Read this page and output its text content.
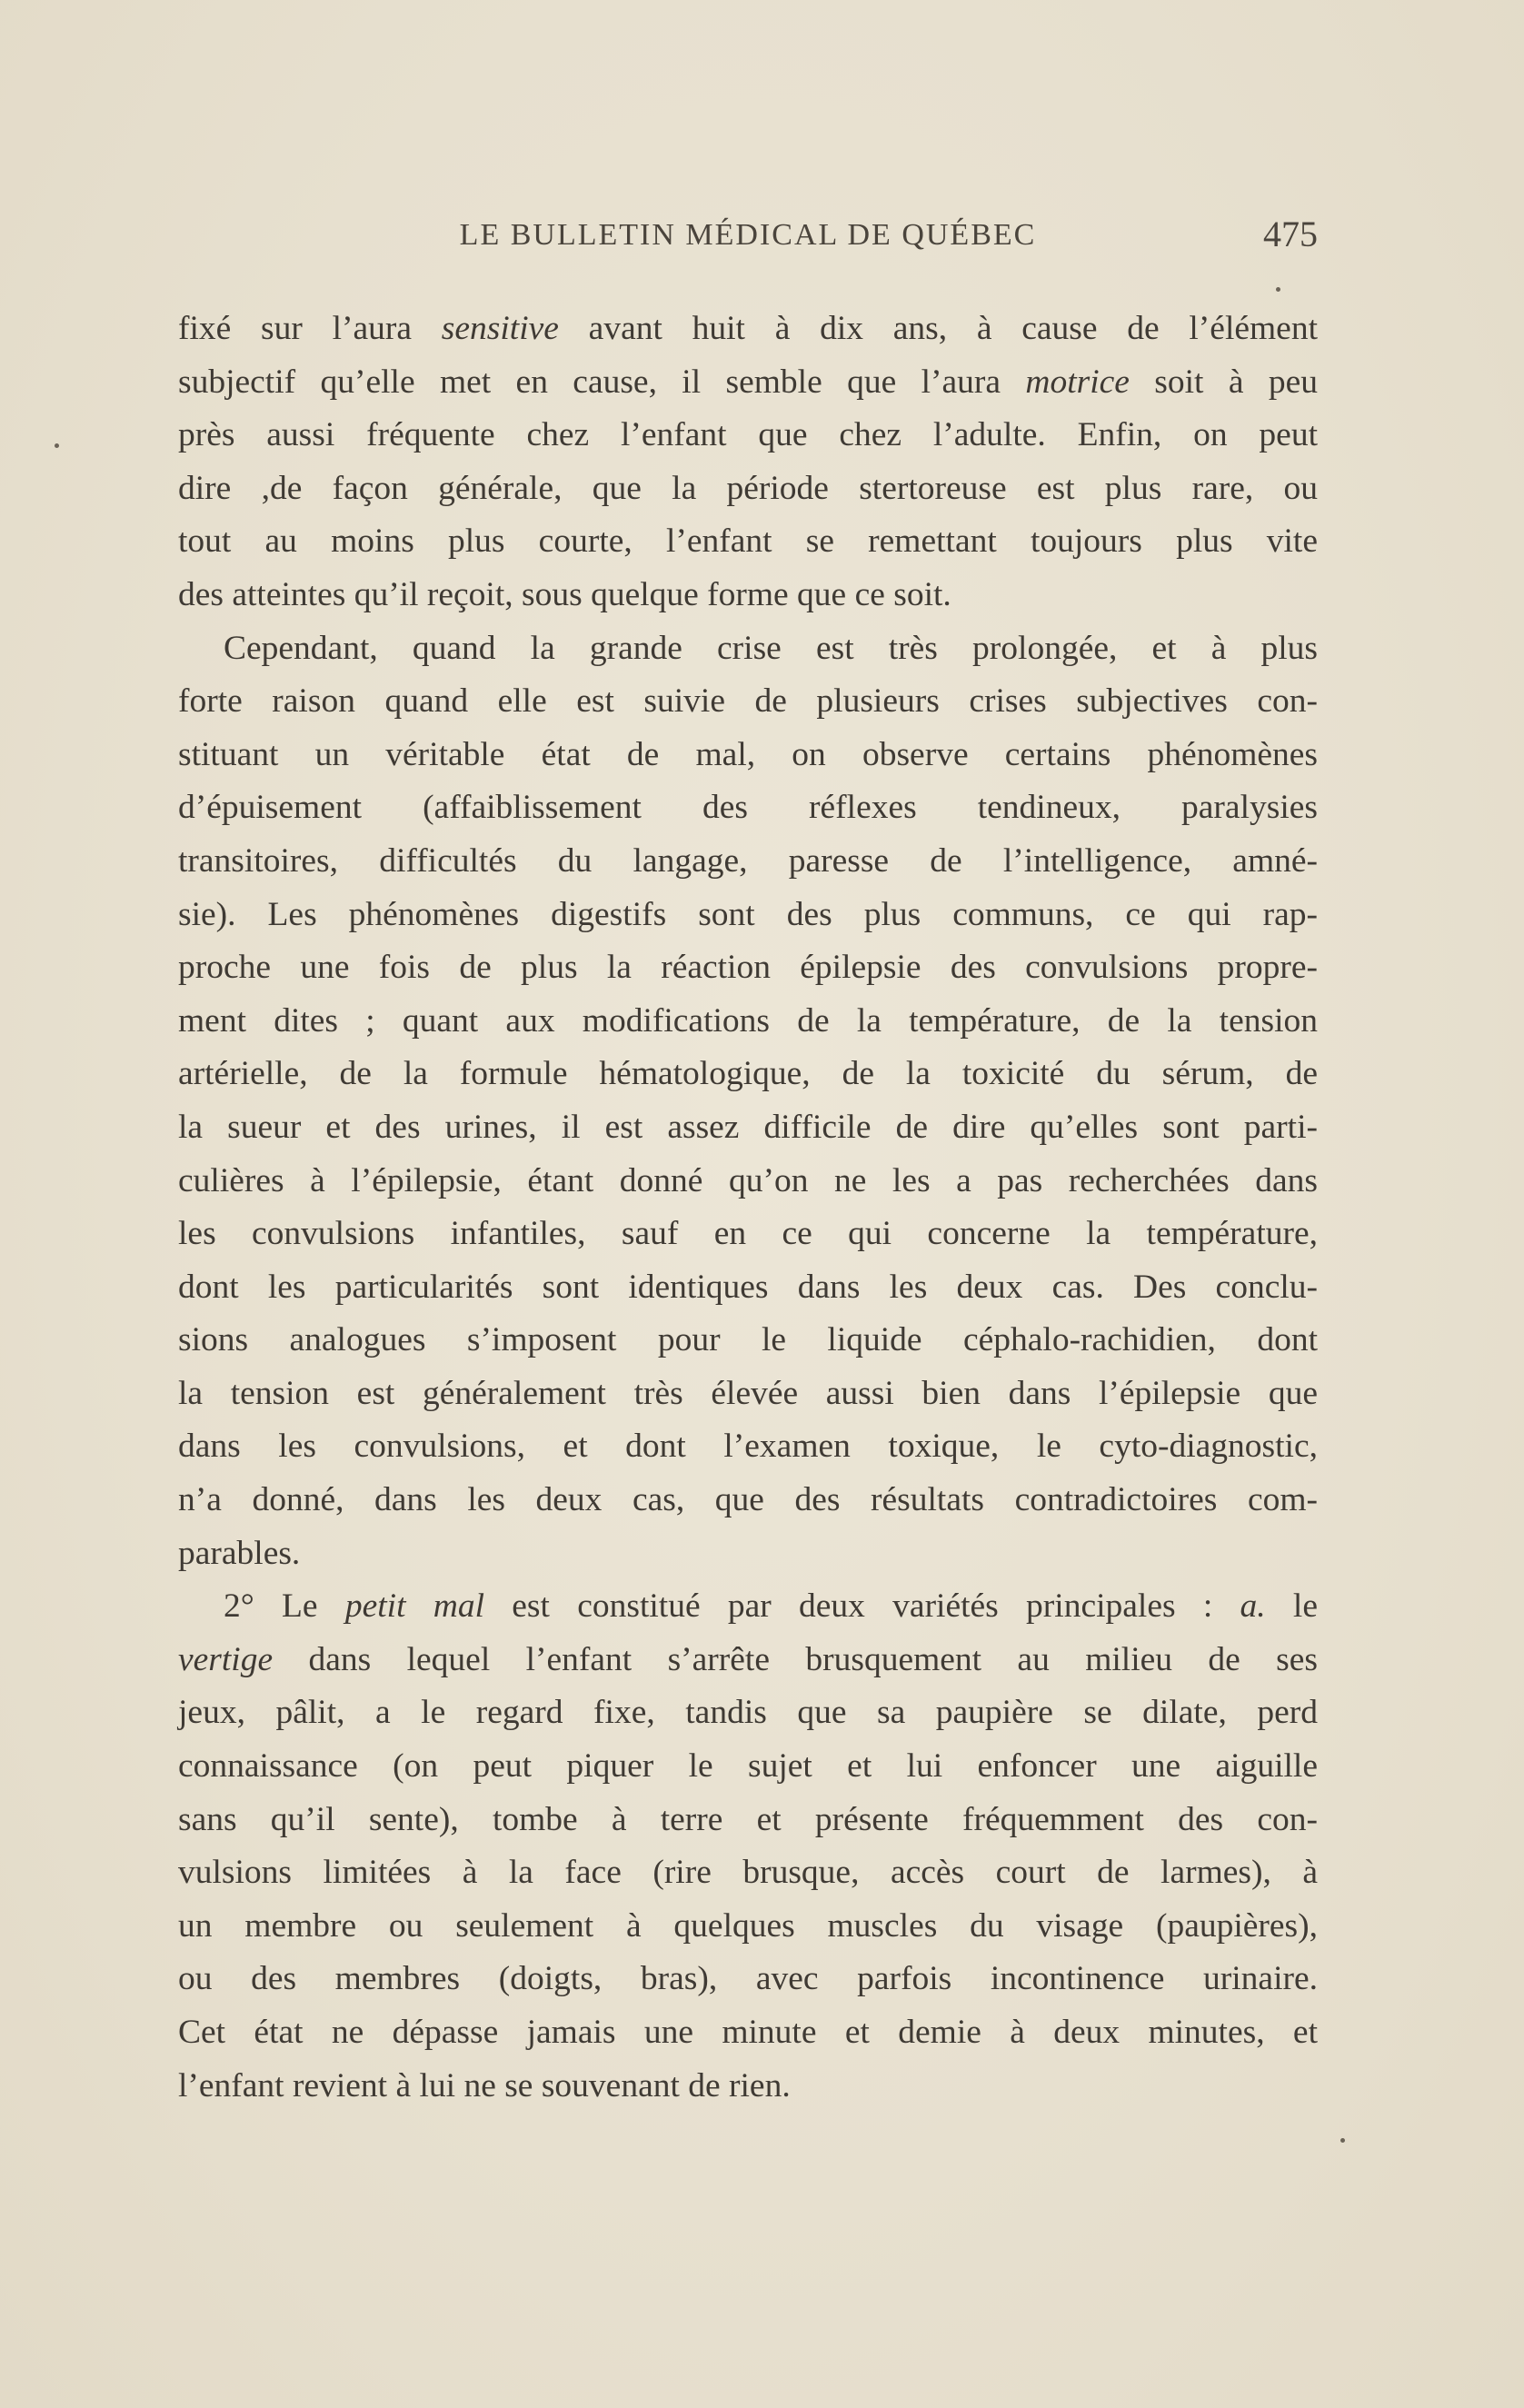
LE BULLETIN MÉDICAL DE QUÉBEC	475
fixé sur l’aura sensitive avant huit à dix ans, à cause de l’élément
subjectif qu’elle met en cause, il semble que l’aura motrice soit à peu
près aussi fréquente chez l’enfant que chez l’adulte. Enfin, on peut
dire ,de façon générale, que la période stertoreuse est plus rare, ou
tout au moins plus courte, l’enfant se remettant toujours plus vite
des atteintes qu’il reçoit, sous quelque forme que ce soit.
Cependant, quand la grande crise est très prolongée, et à plus
forte raison quand elle est suivie de plusieurs crises subjectives con-
stituant un véritable état de mal, on observe certains phénomènes
d’épuisement (affaiblissement des réflexes tendineux, paralysies
transitoires, difficultés du langage, paresse de l’intelligence, amné-
sie). Les phénomènes digestifs sont des plus communs, ce qui rap-
proche une fois de plus la réaction épilepsie des convulsions propre-
ment dites ; quant aux modifications de la température, de la tension
artérielle, de la formule hématologique, de la toxicité du sérum, de
la sueur et des urines, il est assez difficile de dire qu’elles sont parti-
culières à l’épilepsie, étant donné qu’on ne les a pas recherchées dans
les convulsions infantiles, sauf en ce qui concerne la température,
dont les particularités sont identiques dans les deux cas. Des conclu-
sions analogues s’imposent pour le liquide céphalo-rachidien, dont
la tension est généralement très élevée aussi bien dans l’épilepsie que
dans les convulsions, et dont l’examen toxique, le cyto-diagnostic,
n’a donné, dans les deux cas, que des résultats contradictoires com-
parables.
2° Le petit mal est constitué par deux variétés principales : a. le
vertige dans lequel l’enfant s’arrête brusquement au milieu de ses
jeux, pâlit, a le regard fixe, tandis que sa paupière se dilate, perd
connaissance (on peut piquer le sujet et lui enfoncer une aiguille
sans qu’il sente), tombe à terre et présente fréquemment des con-
vulsions limitées à la face (rire brusque, accès court de larmes), à
un membre ou seulement à quelques muscles du visage (paupières),
ou des membres (doigts, bras), avec parfois incontinence urinaire.
Cet état ne dépasse jamais une minute et demie à deux minutes, et
l’enfant revient à lui ne se souvenant de rien.
